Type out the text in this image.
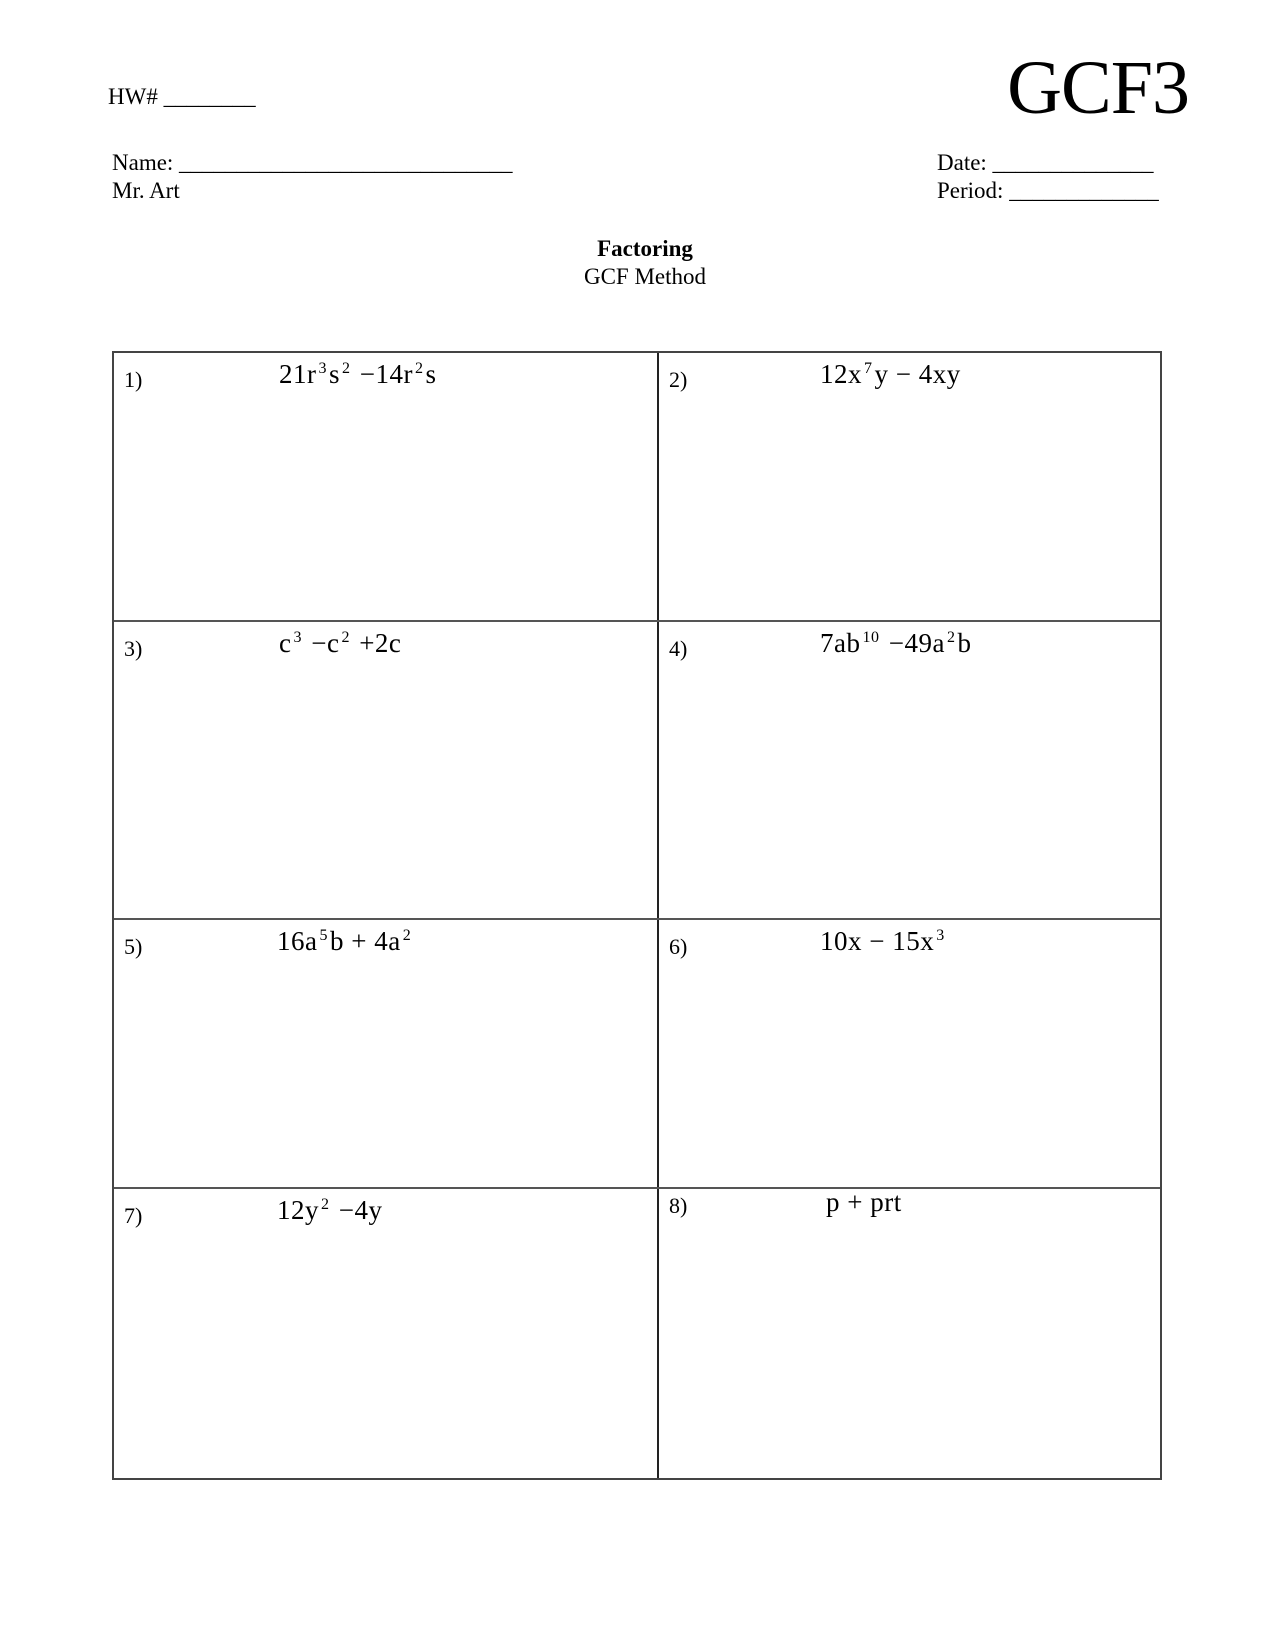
HW# ________	GCF3
Name: _____________________________
Mr. Art
Date: ______________
Period: _____________
Factoring
GCF Method
1)	21r $^3$s $^2$ −14r $^2$s	2)	12x $^7$y − 4xy
3)	c $^3$ −c $^2$ +2c	4)	7ab $^{10}$ −49a $^2$b
5)	16a $^5$b + 4a $^2$	6)	10x − 15x $^3$
7)	12y $^2$ −4y	8)	p + prt
